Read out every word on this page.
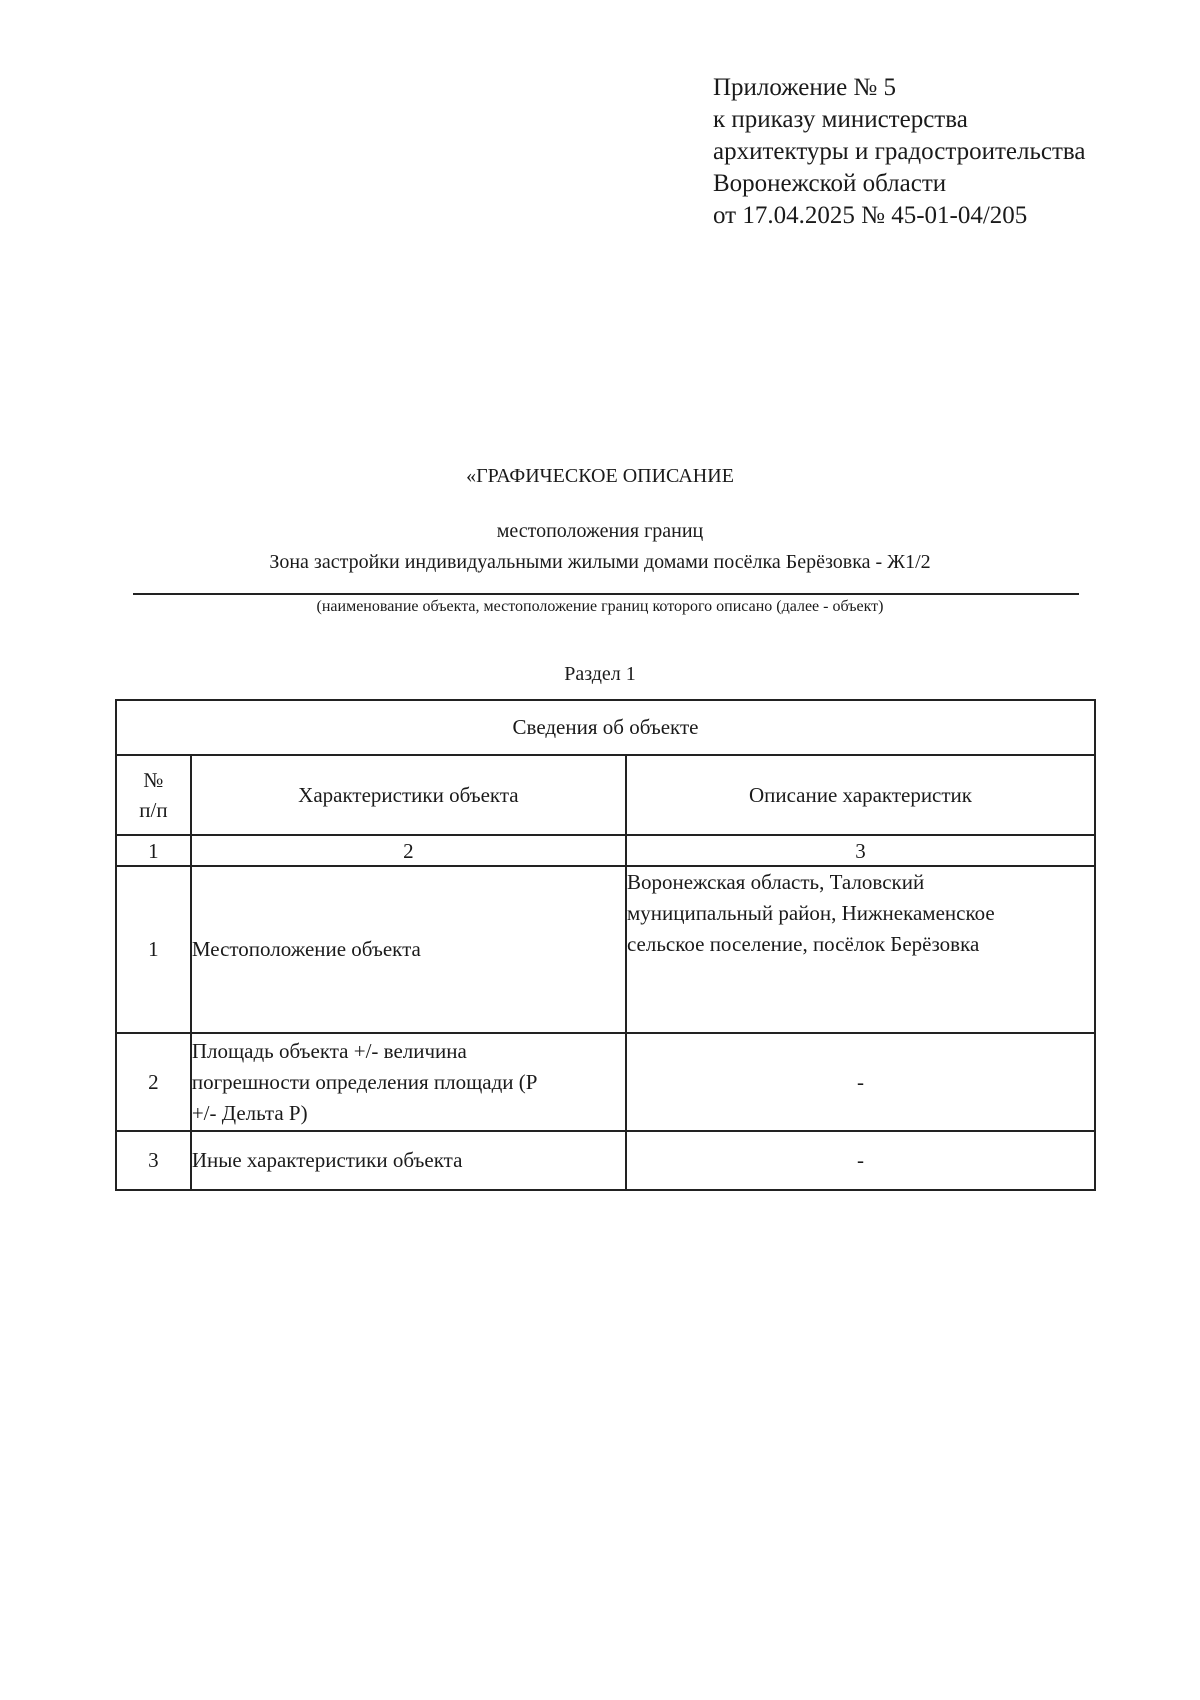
Приложение № 5
к приказу министерства
архитектуры и градостроительства
Воронежской области
от 17.04.2025 № 45-01-04/205
«ГРАФИЧЕСКОЕ ОПИСАНИЕ
местоположения границ
Зона застройки индивидуальными жилыми домами посёлка Берёзовка - Ж1/2
(наименование объекта, местоположение границ которого описано (далее - объект)
Раздел 1
Сведения об объекте		

№
п/п	Характеристики объекта	Описание характеристик
1	2	3
1	Местоположение объекта	Воронежская область, Таловский
муниципальный район, Нижнекаменское
сельское поселение, посёлок Берёзовка

2	Площадь объекта +/- величина
погрешности определения площади (Р
+/- Дельта Р)	-
3	Иные характеристики объекта	-
